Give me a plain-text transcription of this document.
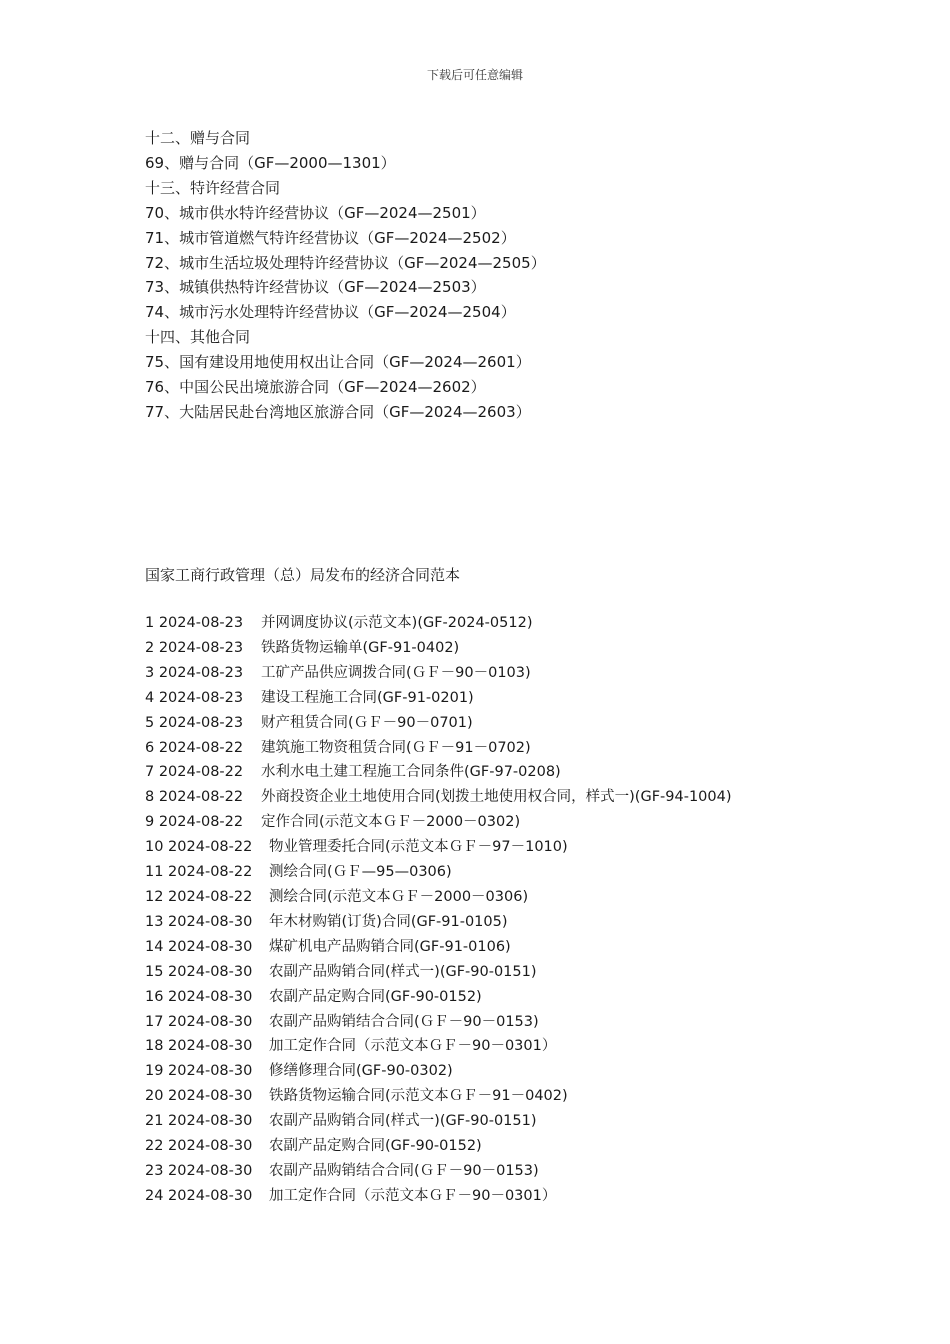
下载后可任意编辑
十二、赠与合同
69、赠与合同（GF—2000—1301）
十三、特许经营合同
70、城市供水特许经营协议（GF—2024—2501）
71、城市管道燃气特许经营协议（GF—2024—2502）
72、城市生活垃圾处理特许经营协议（GF—2024—2505）
73、城镇供热特许经营协议（GF—2024—2503）
74、城市污水处理特许经营协议（GF—2024—2504）
十四、其他合同
75、国有建设用地使用权出让合同（GF—2024—2601）
76、中国公民出境旅游合同（GF—2024—2602）
77、大陆居民赴台湾地区旅游合同（GF—2024—2603）
国家工商行政管理（总）局发布的经济合同范本
1 2024-08-23 并网调度协议(示范文本)(GF-2024-0512)
2 2024-08-23 铁路货物运输单(GF-91-0402)
3 2024-08-23 工矿产品供应调拨合同(ＧＦ－90－0103)
4 2024-08-23 建设工程施工合同(GF-91-0201)
5 2024-08-23 财产租赁合同(ＧＦ－90－0701)
6 2024-08-22 建筑施工物资租赁合同(ＧＦ－91－0702)
7 2024-08-22 水利水电土建工程施工合同条件(GF-97-0208)
8 2024-08-22 外商投资企业土地使用合同(划拨土地使用权合同，样式一)(GF-94-1004)
9 2024-08-22 定作合同(示范文本ＧＦ－2000－0302)
10 2024-08-22 物业管理委托合同(示范文本ＧＦ－97－1010)
11 2024-08-22 测绘合同(ＧＦ—95—0306)
12 2024-08-22 测绘合同(示范文本ＧＦ－2000－0306)
13 2024-08-30 年木材购销(订货)合同(GF-91-0105)
14 2024-08-30 煤矿机电产品购销合同(GF-91-0106)
15 2024-08-30 农副产品购销合同(样式一)(GF-90-0151)
16 2024-08-30 农副产品定购合同(GF-90-0152)
17 2024-08-30 农副产品购销结合合同(ＧＦ－90－0153)
18 2024-08-30 加工定作合同（示范文本ＧＦ－90－0301）
19 2024-08-30 修缮修理合同(GF-90-0302)
20 2024-08-30 铁路货物运输合同(示范文本ＧＦ－91－0402)
21 2024-08-30 农副产品购销合同(样式一)(GF-90-0151)
22 2024-08-30 农副产品定购合同(GF-90-0152)
23 2024-08-30 农副产品购销结合合同(ＧＦ－90－0153)
24 2024-08-30 加工定作合同（示范文本ＧＦ－90－0301）
